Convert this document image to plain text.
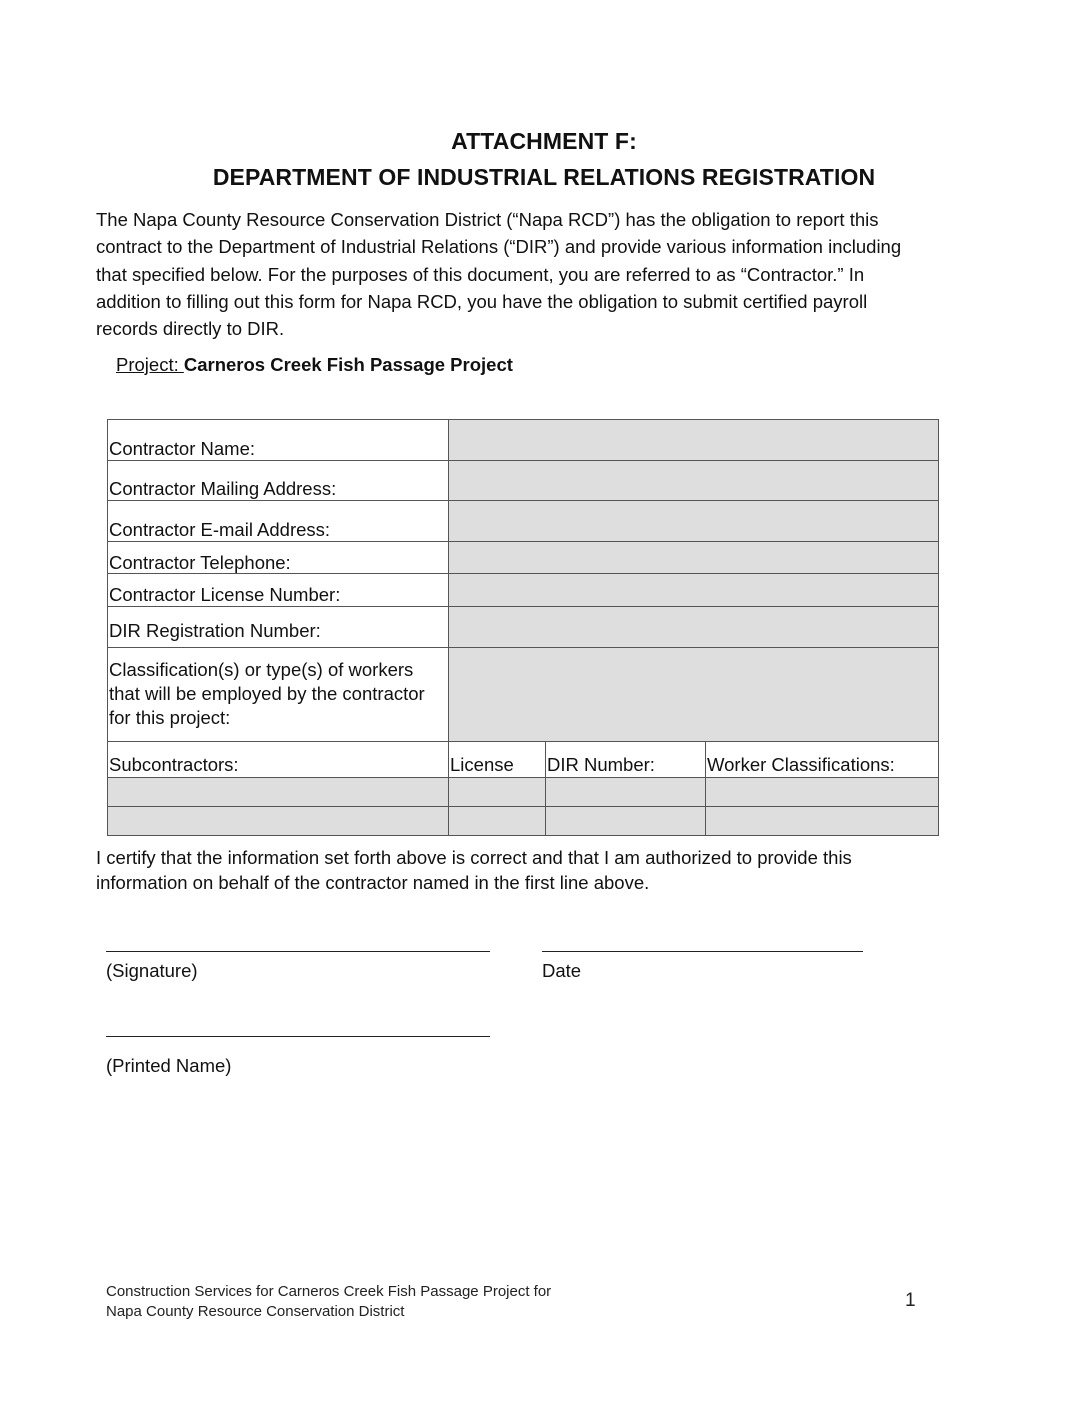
ATTACHMENT F:
DEPARTMENT OF INDUSTRIAL RELATIONS REGISTRATION
The Napa County Resource Conservation District (“Napa RCD”) has the obligation to report this
contract to the Department of Industrial Relations (“DIR”) and provide various information including
that specified below. For the purposes of this document, you are referred to as “Contractor.” In
addition to filling out this form for Napa RCD, you have the obligation to submit certified payroll
records directly to DIR.
Project: Carneros Creek Fish Passage Project
Contractor Name:			
Contractor Mailing Address:			
Contractor E-mail Address:			
Contractor Telephone:			
Contractor License Number:			
DIR Registration Number:			
Classification(s) or type(s) of workers that will be employed by the contractor for this project:			
Subcontractors:	License	DIR Number:	Worker Classifications:

I certify that the information set forth above is correct and that I am authorized to provide this
information on behalf of the contractor named in the first line above.
(Signature)	Date
(Printed Name)
Construction Services for Carneros Creek Fish Passage Project for
Napa County Resource Conservation District
1
